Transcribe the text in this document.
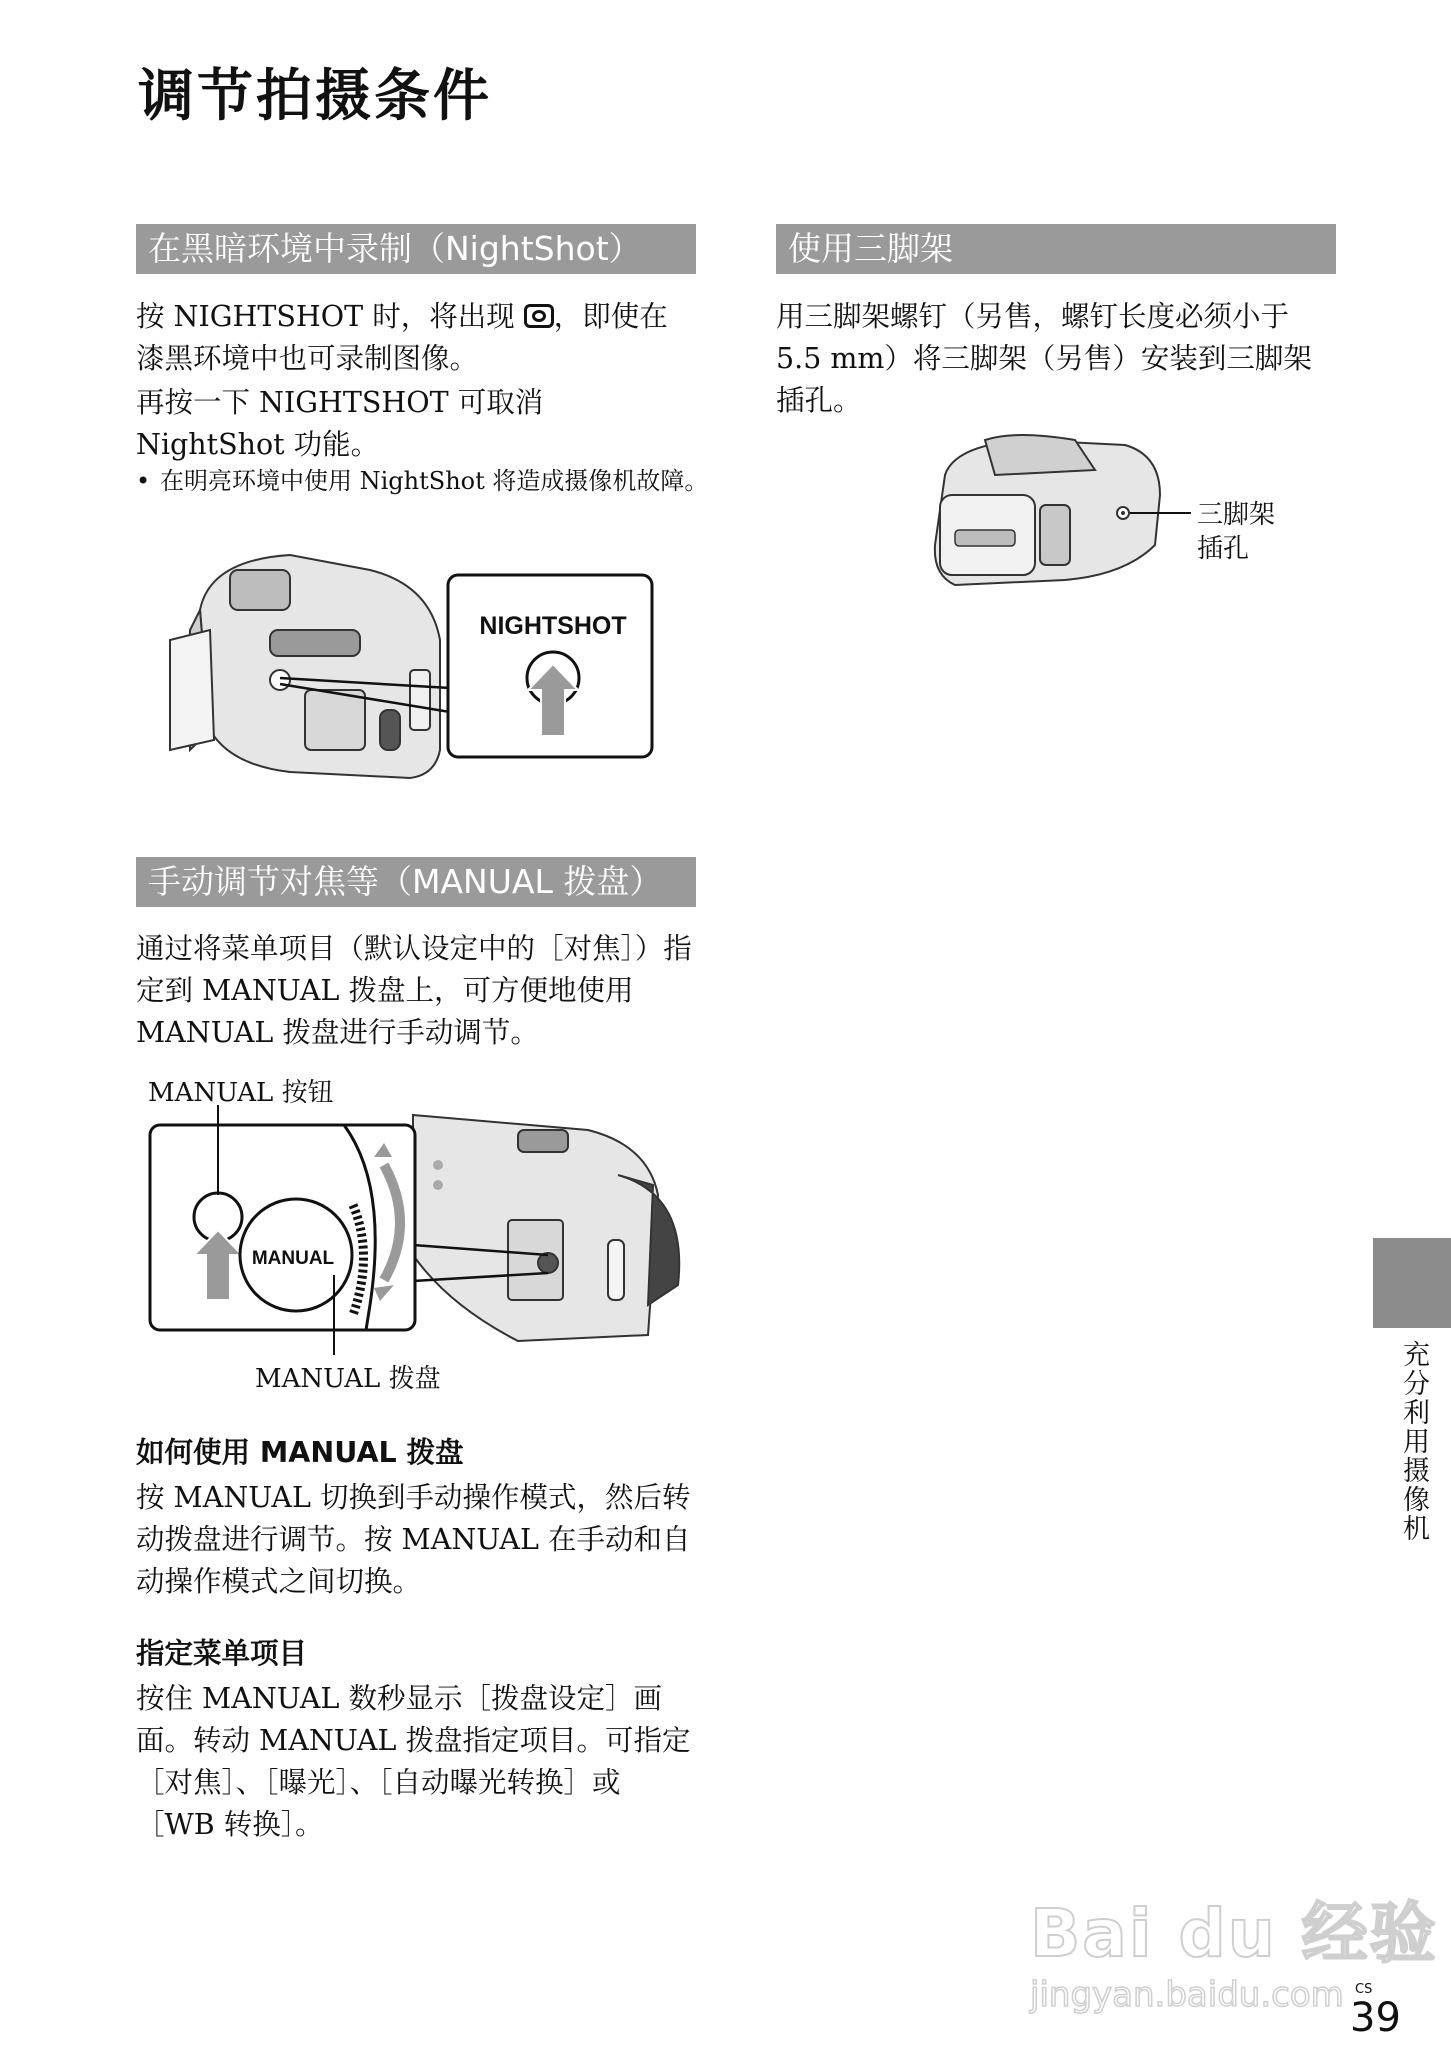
调节拍摄条件
在黑暗环境中录制（NightShot）

按 NIGHTSHOT 时，将出现
，即使在漆黑环境中也可录制图像。

再按一下 NIGHTSHOT 可取消 NightShot 功能。

• 在明亮环境中使用 NightShot 将造成摄像机故障。

NIGHTSHOT
手动调节对焦等（MANUAL 拨盘）

通过将菜单项目（默认设定中的［对焦］）指定到 MANUAL 拨盘上，可方便地使用 MANUAL 拨盘进行手动调节。

MANUAL 按钮
MANUAL
MANUAL 拨盘
如何使用 MANUAL 拨盘

按 MANUAL 切换到手动操作模式，然后转动拨盘进行调节。按 MANUAL 在手动和自动操作模式之间切换。

指定菜单项目

按住 MANUAL 数秒显示［拨盘设定］画面。转动 MANUAL 拨盘指定项目。可指定［对焦］、［曝光］、［自动曝光转换］或［WB 转换］。

使用三脚架

用三脚架螺钉（另售，螺钉长度必须小于 5.5 mm）将三脚架（另售）安装到三脚架插孔。

三脚架
插孔
充分利用摄像机
Bai du 经验
jingyan.baidu.com CS
39
